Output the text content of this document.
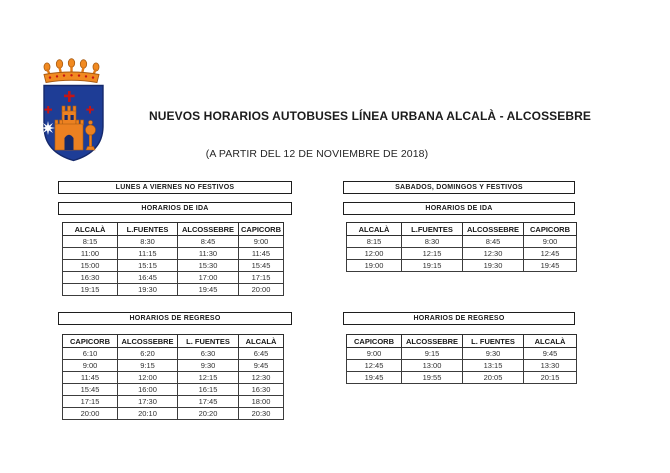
NUEVOS HORARIOS AUTOBUSES LÍNEA URBANA ALCALÀ - ALCOSSEBRE
(A PARTIR DEL 12 DE NOVIEMBRE DE 2018)
LUNES A VIERNES NO FESTIVOS	SABADOS, DOMINGOS Y FESTIVOS
HORARIOS DE IDA	HORARIOS DE IDA
HORARIOS DE REGRESO	HORARIOS DE REGRESO
ALCALÀ	L.FUENTES	ALCOSSEBRE	CAPICORB
8:15	8:30	8:45	9:00
11:00	11:15	11:30	11:45
15:00	15:15	15:30	15:45
16:30	16:45	17:00	17:15
19:15	19:30	19:45	20:00
ALCALÀ	L.FUENTES	ALCOSSEBRE	CAPICORB
8:15	8:30	8:45	9:00
12:00	12:15	12:30	12:45
19:00	19:15	19:30	19:45
CAPICORB	ALCOSSEBRE	L. FUENTES	ALCALÀ
6:10	6:20	6:30	6:45
9:00	9:15	9:30	9:45
11:45	12:00	12:15	12:30
15:45	16:00	16:15	16:30
17:15	17:30	17:45	18:00
20:00	20:10	20:20	20:30
CAPICORB	ALCOSSEBRE	L. FUENTES	ALCALÀ
9:00	9:15	9:30	9:45
12:45	13:00	13:15	13:30
19:45	19:55	20:05	20:15
